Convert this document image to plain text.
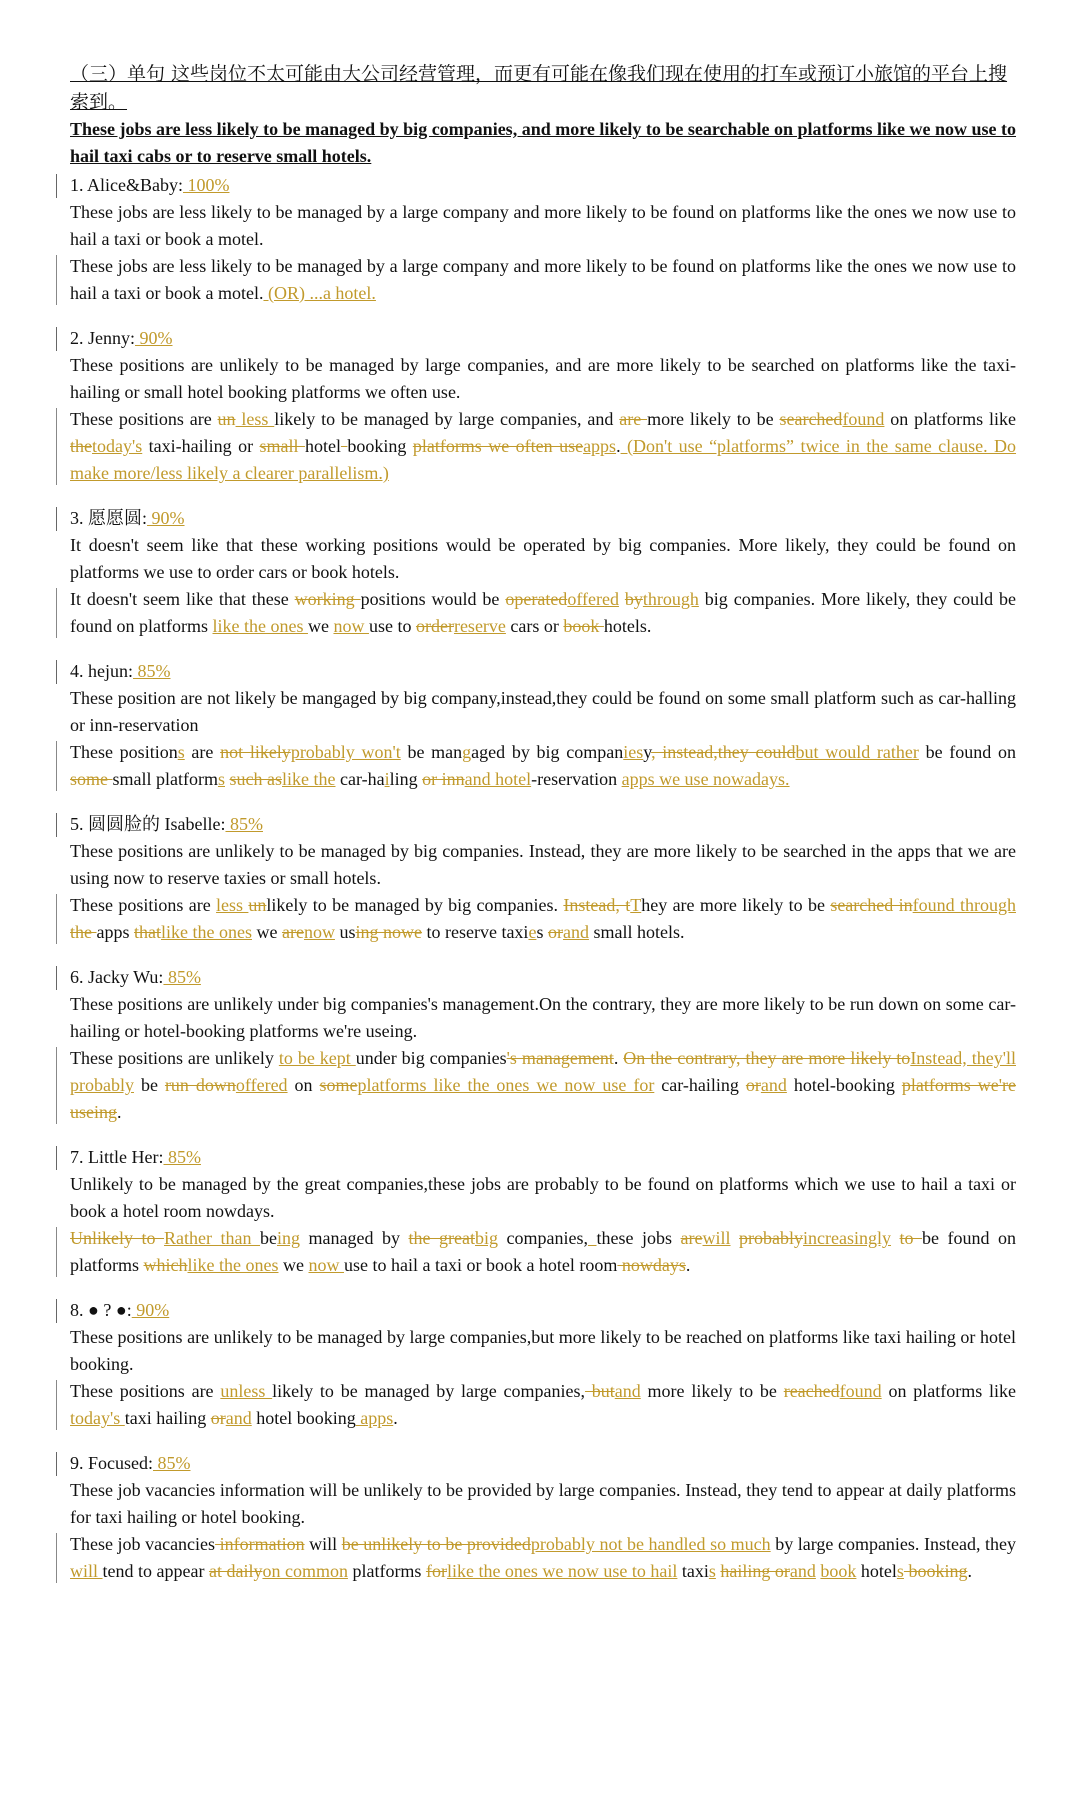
（三）单句 这些岗位不太可能由大公司经营管理，而更有可能在像我们现在使用的打车或预订小旅馆的平台上搜索到。
These jobs are less likely to be managed by big companies, and more likely to be searchable on platforms like we now use to hail taxi cabs or to reserve small hotels.
1. Alice&Baby: 100%

These jobs are less likely to be managed by a large company and more likely to be found on platforms like the ones we now use to hail a taxi or book a motel.

These jobs are less likely to be managed by a large company and more likely to be found on platforms like the ones we now use to hail a taxi or book a motel. (OR) ...a hotel.

2. Jenny: 90%

These positions are unlikely to be managed by large companies, and are more likely to be searched on platforms like the taxi-hailing or small hotel booking platforms we often use.

These positions are un less likely to be managed by large companies, and are more likely to be searchedfound on platforms like thetoday's taxi-hailing or small hotel booking platforms we often useapps. (Don't use “platforms” twice in the same clause. Do make more/less likely a clearer parallelism.)

3. 愿愿圆: 90%

It doesn't seem like that these working positions would be operated by big companies. More likely, they could be found on platforms we use to order cars or book hotels.

It doesn't seem like that these working positions would be operatedoffered bythrough big companies. More likely, they could be found on platforms like the ones we now use to orderreserve cars or book hotels.

4. hejun: 85%

These position are not likely be mangaged by big company,instead,they could be found on some small platform such as car-halling or inn-reservation

These positions are not likelyprobably won't be mangaged by big companiesy, instead,they couldbut would rather be found on some small platforms such aslike the car-hailing or innand hotel-reservation apps we use nowadays.

5. 圆圆脸的 Isabelle: 85%

These positions are unlikely to be managed by big companies. Instead, they are more likely to be searched in the apps that we are using now to reserve taxies or small hotels.

These positions are less unlikely to be managed by big companies. Instead, tThey are more likely to be searched infound through the apps thatlike the ones we arenow using nowe to reserve taxies orand small hotels.

6. Jacky Wu: 85%

These positions are unlikely under big companies's management.On the contrary, they are more likely to be run down on some car-hailing or hotel-booking platforms we're useing.

These positions are unlikely to be kept under big companies's management. On the contrary, they are more likely toInstead, they'll probably be run downoffered on someplatforms like the ones we now use for car-hailing orand hotel-booking platforms we're useing.

7. Little Her: 85%

Unlikely to be managed by the great companies,these jobs are probably to be found on platforms which we use to hail a taxi or book a hotel room nowdays.

Unlikely to Rather than being managed by the greatbig companies, these jobs arewill probablyincreasingly to be found on platforms whichlike the ones we now use to hail a taxi or book a hotel room nowdays.

8. ● ? ●: 90%

These positions are unlikely to be managed by large companies,but more likely to be reached on platforms like taxi hailing or hotel booking.

These positions are unless likely to be managed by large companies, butand more likely to be reachedfound on platforms like today's taxi hailing orand hotel booking apps.

9. Focused: 85%

These job vacancies information will be unlikely to be provided by large companies. Instead, they tend to appear at daily platforms for taxi hailing or hotel booking.

These job vacancies information will be unlikely to be providedprobably not be handled so much by large companies. Instead, they will tend to appear at dailyon common platforms forlike the ones we now use to hail taxis hailing orand book hotels booking.
